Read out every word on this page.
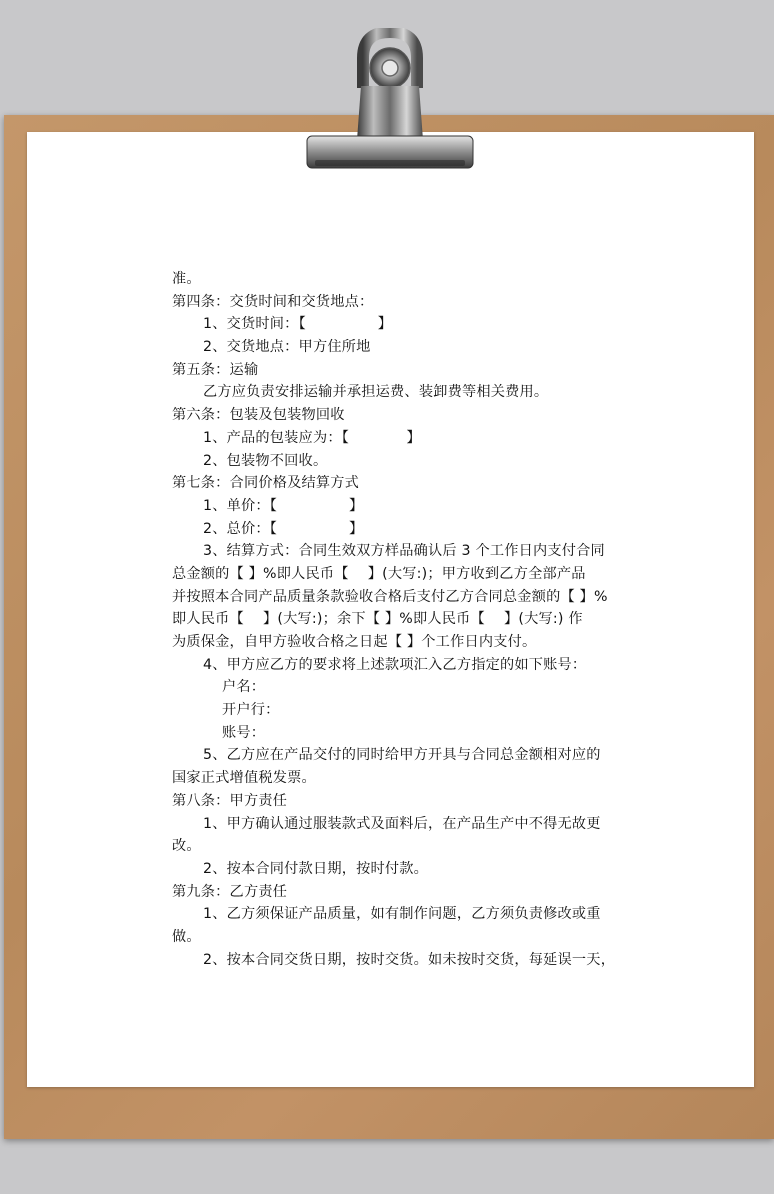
准。
第四条：交货时间和交货地点：
1、交货时间：【　　　　　】
2、交货地点：甲方住所地
第五条：运输
乙方应负责安排运输并承担运费、装卸费等相关费用。
第六条：包装及包装物回收
1、产品的包装应为：【　　　　】
2、包装物不回收。
第七条：合同价格及结算方式
1、单价：【　　　　　】
2、总价：【　　　　　】
3、结算方式：合同生效双方样品确认后 3 个工作日内支付合同
总金额的【 】%即人民币【　 】(大写:)；甲方收到乙方全部产品
并按照本合同产品质量条款验收合格后支付乙方合同总金额的【 】%
即人民币【　 】(大写:)；余下【 】%即人民币【　 】(大写:) 作
为质保金，自甲方验收合格之日起【 】个工作日内支付。
4、甲方应乙方的要求将上述款项汇入乙方指定的如下账号：
户名：
开户行：
账号：
5、乙方应在产品交付的同时给甲方开具与合同总金额相对应的
国家正式增值税发票。
第八条：甲方责任
1、甲方确认通过服装款式及面料后，在产品生产中不得无故更
改。
2、按本合同付款日期，按时付款。
第九条：乙方责任
1、乙方须保证产品质量，如有制作问题，乙方须负责修改或重
做。
2、按本合同交货日期，按时交货。如未按时交货，每延误一天，
